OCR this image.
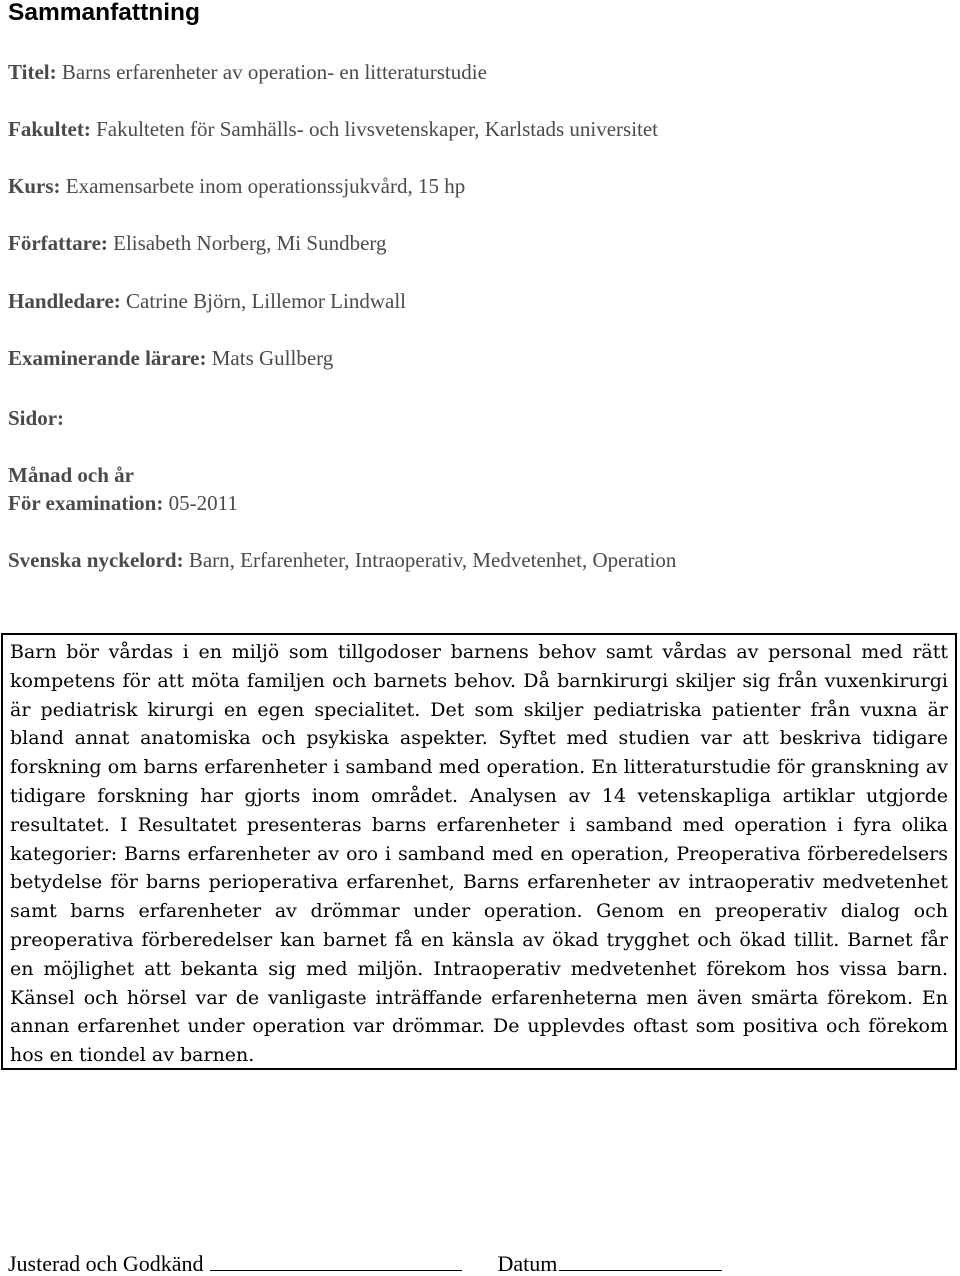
Sammanfattning
Titel: Barns erfarenheter av operation- en litteraturstudie
Fakultet: Fakulteten för Samhälls- och livsvetenskaper, Karlstads universitet
Kurs: Examensarbete inom operationssjukvård, 15 hp
Författare: Elisabeth Norberg, Mi Sundberg
Handledare: Catrine Björn, Lillemor Lindwall
Examinerande lärare: Mats Gullberg
Sidor:
Månad och år
För examination: 05-2011
Svenska nyckelord: Barn, Erfarenheter, Intraoperativ, Medvetenhet, Operation

Barn bör vårdas i en miljö som tillgodoser barnens behov samt vårdas av personal med rätt kompetens för att möta familjen och barnets behov. Då barnkirurgi skiljer sig från vuxenkirurgi är pediatrisk kirurgi en egen specialitet. Det som skiljer pediatriska patienter från vuxna är bland annat anatomiska och psykiska aspekter. Syftet med studien var att beskriva tidigare forskning om barns erfarenheter i samband med operation. En litteraturstudie för granskning av tidigare forskning har gjorts inom området. Analysen av 14 vetenskapliga artiklar utgjorde resultatet. I Resultatet presenteras barns erfarenheter i samband med operation i fyra olika kategorier: Barns erfarenheter av oro i samband med en operation, Preoperativa förberedelsers betydelse för barns perioperativa erfarenhet, Barns erfarenheter av intraoperativ medvetenhet samt barns erfarenheter av drömmar under operation. Genom en preoperativ dialog och preoperativa förberedelser kan barnet få en känsla av ökad trygghet och ökad tillit. Barnet får en möjlighet att bekanta sig med miljön. Intraoperativ medvetenhet förekom hos vissa barn. Känsel och hörsel var de vanligaste inträffande erfarenheterna men även smärta förekom. En annan erfarenhet under operation var drömmar. De upplevdes oftast som positiva och förekom hos en tiondel av barnen.

Justerad och Godkänd	Datum
